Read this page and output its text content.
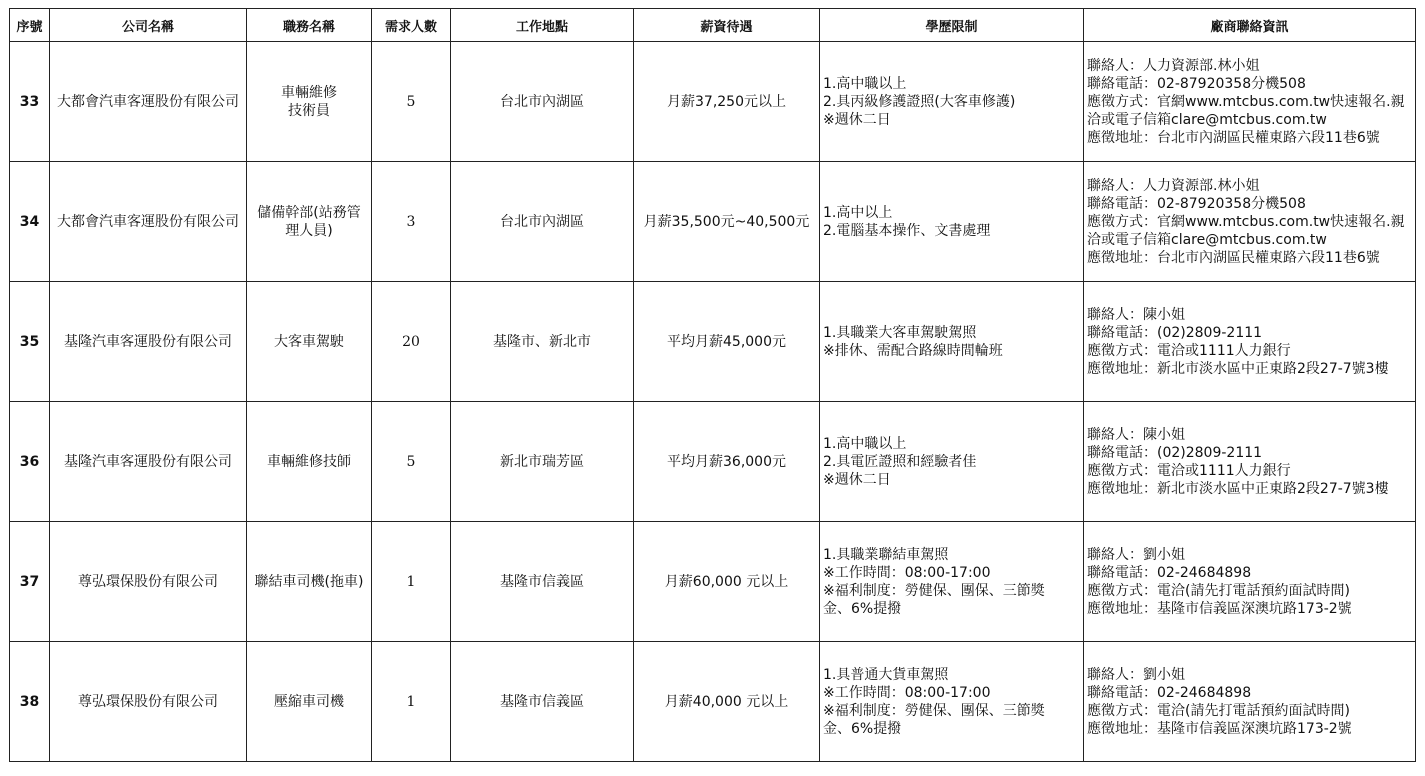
序號	公司名稱	職務名稱	需求人數	工作地點	薪資待遇	學歷限制	廠商聯絡資訊
33	大都會汽車客運股份有限公司	車輛維修
技術員	5	台北市內湖區	月薪37,250元以上	1.高中職以上
2.具丙級修護證照(大客車修護)
※週休二日	聯絡人：人力資源部.林小姐
聯絡電話：02-87920358分機508
應徵方式：官網www.mtcbus.com.tw快速報名.親
洽或電子信箱clare@mtcbus.com.tw
應徵地址：台北市內湖區民權東路六段11巷6號

34	大都會汽車客運股份有限公司	儲備幹部(站務管
理人員)	3	台北市內湖區	月薪35,500元~40,500元	1.高中以上
2.電腦基本操作、文書處理	聯絡人：人力資源部.林小姐
聯絡電話：02-87920358分機508
應徵方式：官網www.mtcbus.com.tw快速報名.親
洽或電子信箱clare@mtcbus.com.tw
應徵地址：台北市內湖區民權東路六段11巷6號

35	基隆汽車客運股份有限公司	大客車駕駛	20	基隆市、新北市	平均月薪45,000元	1.具職業大客車駕駛駕照
※排休、需配合路線時間輪班	聯絡人：陳小姐
聯絡電話：(02)2809-2111
應徵方式：電洽或1111人力銀行
應徵地址：新北市淡水區中正東路2段27-7號3樓

36	基隆汽車客運股份有限公司	車輛維修技師	5	新北市瑞芳區	平均月薪36,000元	1.高中職以上
2.具電匠證照和經驗者佳
※週休二日	聯絡人：陳小姐
聯絡電話：(02)2809-2111
應徵方式：電洽或1111人力銀行
應徵地址：新北市淡水區中正東路2段27-7號3樓

37	尊弘環保股份有限公司	聯結車司機(拖車)	1	基隆市信義區	月薪60,000 元以上	1.具職業聯結車駕照
※工作時間：08:00-17:00
※福利制度：勞健保、團保、三節獎
金、6%提撥	聯絡人：劉小姐
聯絡電話：02-24684898
應徵方式：電洽(請先打電話預約面試時間)
應徵地址：基隆市信義區深澳坑路173-2號

38	尊弘環保股份有限公司	壓縮車司機	1	基隆市信義區	月薪40,000 元以上	1.具普通大貨車駕照
※工作時間：08:00-17:00
※福利制度：勞健保、團保、三節獎
金、6%提撥	聯絡人：劉小姐
聯絡電話：02-24684898
應徵方式：電洽(請先打電話預約面試時間)
應徵地址：基隆市信義區深澳坑路173-2號
